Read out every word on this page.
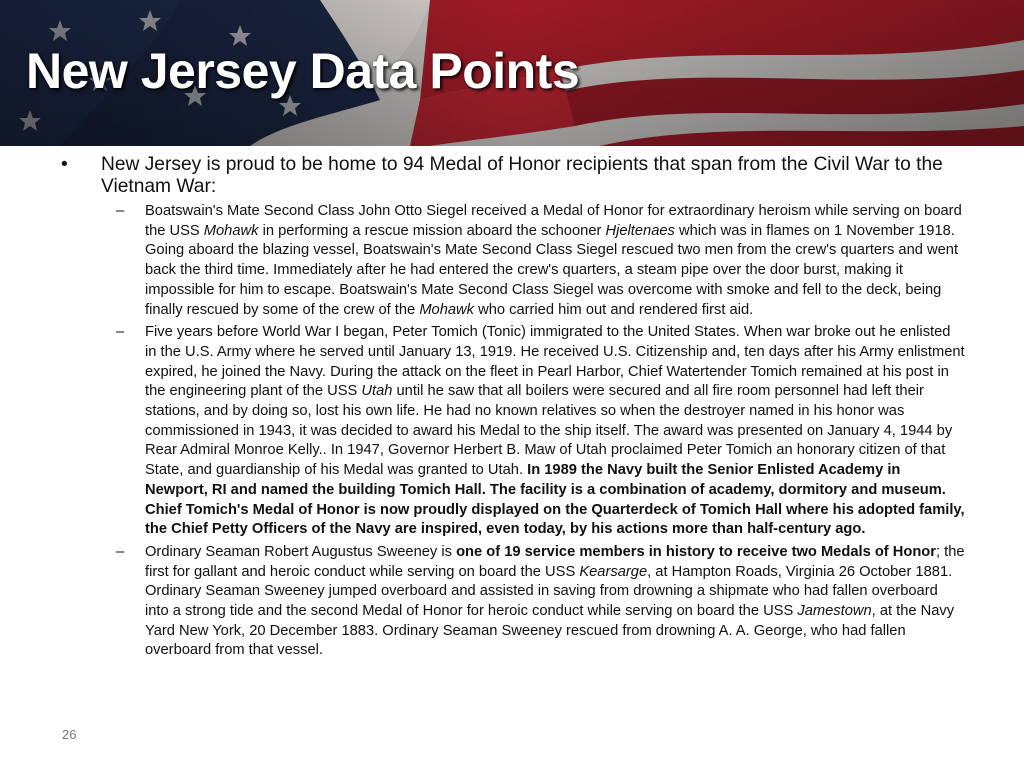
New Jersey Data Points
• New Jersey is proud to be home to 94 Medal of Honor recipients that span from the Civil War to the Vietnam War:
– Boatswain's Mate Second Class John Otto Siegel received a Medal of Honor for extraordinary heroism while serving on board the USS Mohawk in performing a rescue mission aboard the schooner Hjeltenaes which was in flames on 1 November 1918. Going aboard the blazing vessel, Boatswain's Mate Second Class Siegel rescued two men from the crew's quarters and went back the third time. Immediately after he had entered the crew's quarters, a steam pipe over the door burst, making it impossible for him to escape. Boatswain's Mate Second Class Siegel was overcome with smoke and fell to the deck, being finally rescued by some of the crew of the Mohawk who carried him out and rendered first aid.
– Five years before World War I began, Peter Tomich (Tonic) immigrated to the United States. When war broke out he enlisted in the U.S. Army where he served until January 13, 1919. He received U.S. Citizenship and, ten days after his Army enlistment expired, he joined the Navy. During the attack on the fleet in Pearl Harbor, Chief Watertender Tomich remained at his post in the engineering plant of the USS Utah until he saw that all boilers were secured and all fire room personnel had left their stations, and by doing so, lost his own life. He had no known relatives so when the destroyer named in his honor was commissioned in 1943, it was decided to award his Medal to the ship itself. The award was presented on January 4, 1944 by Rear Admiral Monroe Kelly.. In 1947, Governor Herbert B. Maw of Utah proclaimed Peter Tomich an honorary citizen of that State, and guardianship of his Medal was granted to Utah. In 1989 the Navy built the Senior Enlisted Academy in Newport, RI and named the building Tomich Hall. The facility is a combination of academy, dormitory and museum. Chief Tomich's Medal of Honor is now proudly displayed on the Quarterdeck of Tomich Hall where his adopted family, the Chief Petty Officers of the Navy are inspired, even today, by his actions more than half-century ago.
– Ordinary Seaman Robert Augustus Sweeney is one of 19 service members in history to receive two Medals of Honor; the first for gallant and heroic conduct while serving on board the USS Kearsarge, at Hampton Roads, Virginia 26 October 1881. Ordinary Seaman Sweeney jumped overboard and assisted in saving from drowning a shipmate who had fallen overboard into a strong tide and the second Medal of Honor for heroic conduct while serving on board the USS Jamestown, at the Navy Yard New York, 20 December 1883. Ordinary Seaman Sweeney rescued from drowning A. A. George, who had fallen overboard from that vessel.
26
